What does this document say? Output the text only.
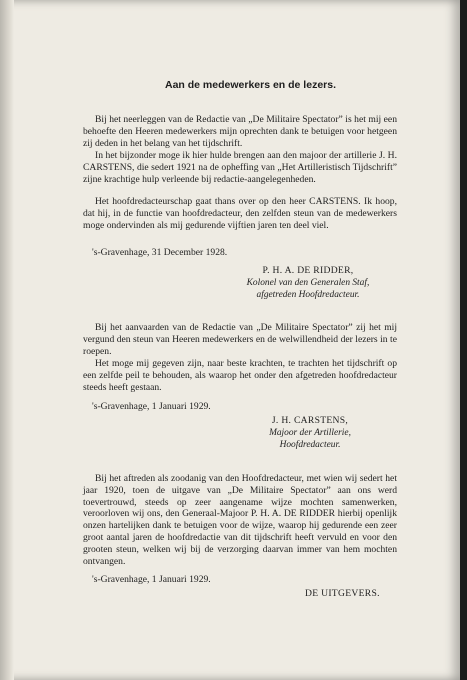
Aan de medewerkers en de lezers.

Bij het neerleggen van de Redactie van „De Militaire Spectator” is het mij een behoefte den Heeren medewerkers mijn oprechten dank te betuigen voor hetgeen zij deden in het belang van het tijdschrift.

In het bijzonder moge ik hier hulde brengen aan den majoor der artillerie J. H. CARSTENS, die sedert 1921 na de opheffing van „Het Artilleristisch Tijdschrift” zijne krachtige hulp verleende bij redactie-aangelegenheden.

Het hoofdredacteurschap gaat thans over op den heer CARSTENS. Ik hoop, dat hij, in de functie van hoofdredacteur, den zelfden steun van de medewerkers moge ondervinden als mij gedurende vijftien jaren ten deel viel.

's-Gravenhage, 31 December 1928.
P. H. A. DE RIDDER,
Kolonel van den Generalen Staf,
afgetreden Hoofdredacteur.

Bij het aanvaarden van de Redactie van „De Militaire Spectator” zij het mij vergund den steun van Heeren medewerkers en de welwillendheid der lezers in te roepen.

Het moge mij gegeven zijn, naar beste krachten, te trachten het tijdschrift op een zelfde peil te behouden, als waarop het onder den afgetreden hoofdredacteur steeds heeft gestaan.

's-Gravenhage, 1 Januari 1929.
J. H. CARSTENS,
Majoor der Artillerie,
Hoofdredacteur.

Bij het aftreden als zoodanig van den Hoofdredacteur, met wien wij sedert het jaar 1920, toen de uitgave van „De Militaire Spectator” aan ons werd toevertrouwd, steeds op zeer aangename wijze mochten samenwerken, veroorloven wij ons, den Generaal-Majoor P. H. A. DE RIDDER hierbij openlijk onzen hartelijken dank te betuigen voor de wijze, waarop hij gedurende een zeer groot aantal jaren de hoofdredactie van dit tijdschrift heeft vervuld en voor den grooten steun, welken wij bij de verzorging daarvan immer van hem mochten ontvangen.

's-Gravenhage, 1 Januari 1929.
DE UITGEVERS.
